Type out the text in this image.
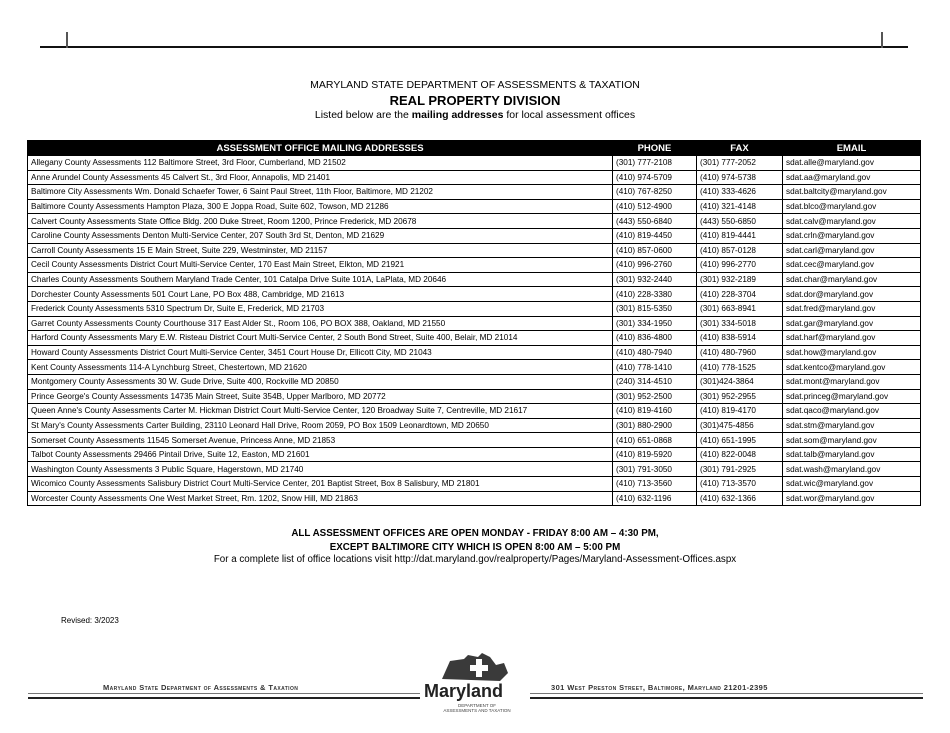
MARYLAND STATE DEPARTMENT OF ASSESSMENTS & TAXATION
REAL PROPERTY DIVISION
Listed below are the mailing addresses for local assessment offices
ASSESSMENT OFFICE MAILING ADDRESSES	PHONE	FAX	EMAIL
Allegany County Assessments 112 Baltimore Street, 3rd Floor, Cumberland, MD 21502	(301) 777-2108	(301) 777-2052	sdat.alle@maryland.gov
Anne Arundel County Assessments 45 Calvert St., 3rd Floor, Annapolis, MD 21401	(410) 974-5709	(410) 974-5738	sdat.aa@maryland.gov
Baltimore City Assessments Wm. Donald Schaefer Tower, 6 Saint Paul Street, 11th Floor, Baltimore, MD 21202	(410) 767-8250	(410) 333-4626	sdat.baltcity@maryland.gov
Baltimore County Assessments Hampton Plaza, 300 E Joppa Road, Suite 602, Towson, MD 21286	(410) 512-4900	(410) 321-4148	sdat.blco@maryland.gov
Calvert County Assessments State Office Bldg. 200 Duke Street, Room 1200, Prince Frederick, MD 20678	(443) 550-6840	(443) 550-6850	sdat.calv@maryland.gov
Caroline County Assessments Denton Multi-Service Center, 207 South 3rd St, Denton, MD 21629	(410) 819-4450	(410) 819-4441	sdat.crln@maryland.gov
Carroll County Assessments 15 E Main Street, Suite 229, Westminster, MD 21157	(410) 857-0600	(410) 857-0128	sdat.carl@maryland.gov
Cecil County Assessments District Court Multi-Service Center, 170 East Main Street, Elkton, MD 21921	(410) 996-2760	(410) 996-2770	sdat.cec@maryland.gov
Charles County Assessments Southern Maryland Trade Center, 101 Catalpa Drive Suite 101A, LaPlata, MD 20646	(301) 932-2440	(301) 932-2189	sdat.char@maryland.gov
Dorchester County Assessments 501 Court Lane, PO Box 488, Cambridge, MD 21613	(410) 228-3380	(410) 228-3704	sdat.dor@maryland.gov
Frederick County Assessments 5310 Spectrum Dr, Suite E, Frederick, MD 21703	(301) 815-5350	(301) 663-8941	sdat.fred@maryland.gov
Garret County Assessments County Courthouse 317 East Alder St., Room 106, PO BOX 388, Oakland, MD 21550	(301) 334-1950	(301) 334-5018	sdat.gar@maryland.gov
Harford County Assessments Mary E.W. Risteau District Court Multi-Service Center, 2 South Bond Street, Suite 400, Belair, MD 21014	(410) 836-4800	(410) 838-5914	sdat.harf@maryland.gov
Howard County Assessments District Court Multi-Service Center, 3451 Court House Dr, Ellicott City, MD 21043	(410) 480-7940	(410) 480-7960	sdat.how@maryland.gov
Kent County Assessments 114-A Lynchburg Street, Chestertown, MD 21620	(410) 778-1410	(410) 778-1525	sdat.kentco@maryland.gov
Montgomery County Assessments 30 W. Gude Drive, Suite 400, Rockville MD 20850	(240) 314-4510	(301)424-3864	sdat.mont@maryland.gov
Prince George's County Assessments 14735 Main Street, Suite 354B, Upper Marlboro, MD 20772	(301) 952-2500	(301) 952-2955	sdat.princeg@maryland.gov
Queen Anne's County Assessments Carter M. Hickman District Court Multi-Service Center, 120 Broadway Suite 7, Centreville, MD 21617	(410) 819-4160	(410) 819-4170	sdat.qaco@maryland.gov
St Mary's County Assessments Carter Building, 23110 Leonard Hall Drive, Room 2059, PO Box 1509 Leonardtown, MD 20650	(301) 880-2900	(301)475-4856	sdat.stm@maryland.gov
Somerset County Assessments 11545 Somerset Avenue, Princess Anne, MD 21853	(410) 651-0868	(410) 651-1995	sdat.som@maryland.gov
Talbot County Assessments 29466 Pintail Drive, Suite 12, Easton, MD 21601	(410) 819-5920	(410) 822-0048	sdat.talb@maryland.gov
Washington County Assessments 3 Public Square, Hagerstown, MD 21740	(301) 791-3050	(301) 791-2925	sdat.wash@maryland.gov
Wicomico County Assessments Salisbury District Court Multi-Service Center, 201 Baptist Street, Box 8 Salisbury, MD 21801	(410) 713-3560	(410) 713-3570	sdat.wic@maryland.gov
Worcester County Assessments One West Market Street, Rm. 1202, Snow Hill, MD 21863	(410) 632-1196	(410) 632-1366	sdat.wor@maryland.gov
ALL ASSESSMENT OFFICES ARE OPEN MONDAY - FRIDAY 8:00 AM – 4:30 PM,
EXCEPT BALTIMORE CITY WHICH IS OPEN 8:00 AM – 5:00 PM
For a complete list of office locations visit http://dat.maryland.gov/realproperty/Pages/Maryland-Assessment-Offices.aspx
Revised: 3/2023
Maryland State Department of Assessments & Taxation	301 West Preston Street, Baltimore, Maryland 21201-2395
Maryland
DEPARTMENT OF
ASSESSMENTS AND TAXATION
